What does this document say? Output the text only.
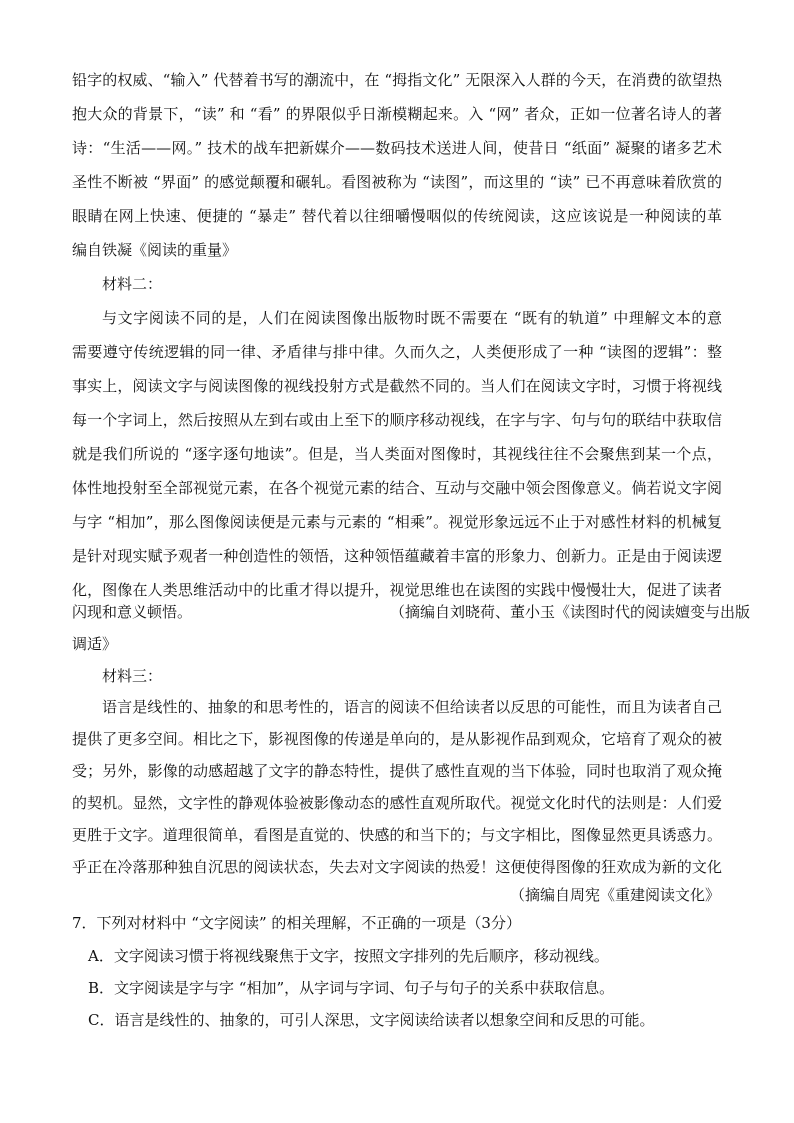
铅字的权威、“输入” 代替着书写的潮流中，在 “拇指文化” 无限深入人群的今天，在消费的欲望热
抱大众的背景下，“读” 和 “看” 的界限似乎日渐模糊起来。入 “网” 者众，正如一位著名诗人的著
诗：“生活——网。” 技术的战车把新媒介——数码技术送进人间，使昔日 “纸面” 凝聚的诸多艺术
圣性不断被 “界面” 的感觉颠覆和碾轧。看图被称为 “读图”，而这里的 “读” 已不再意味着欣赏的
眼睛在网上快速、便捷的 “暴走” 替代着以往细嚼慢咽似的传统阅读，这应该说是一种阅读的革
编自铁凝《阅读的重量》
材料二：
与文字阅读不同的是，人们在阅读图像出版物时既不需要在 “既有的轨道” 中理解文本的意
需要遵守传统逻辑的同一律、矛盾律与排中律。久而久之，人类便形成了一种 “读图的逻辑”：整
事实上，阅读文字与阅读图像的视线投射方式是截然不同的。当人们在阅读文字时，习惯于将视线
每一个字词上，然后按照从左到右或由上至下的顺序移动视线，在字与字、句与句的联结中获取信
就是我们所说的 “逐字逐句地读”。但是，当人类面对图像时，其视线往往不会聚焦到某一个点，
体性地投射至全部视觉元素，在各个视觉元素的结合、互动与交融中领会图像意义。倘若说文字阅
与字 “相加”，那么图像阅读便是元素与元素的 “相乘”。视觉形象远远不止于对感性材料的机械复
是针对现实赋予观者一种创造性的领悟，这种领悟蕴藏着丰富的形象力、创新力。正是由于阅读逻
化，图像在人类思维活动中的比重才得以提升，视觉思维也在读图的实践中慢慢壮大，促进了读者
闪现和意义顿悟。	（摘编自刘晓荷、董小玉《读图时代的阅读嬗变与出版
调适》
材料三：
语言是线性的、抽象的和思考性的，语言的阅读不但给读者以反思的可能性，而且为读者自己
提供了更多空间。相比之下，影视图像的传递是单向的，是从影视作品到观众，它培育了观众的被
受；另外，影像的动感超越了文字的静态特性，提供了感性直观的当下体验，同时也取消了观众掩
的契机。显然，文字性的静观体验被影像动态的感性直观所取代。视觉文化时代的法则是：人们爱
更胜于文字。道理很简单，看图是直觉的、快感的和当下的；与文字相比，图像显然更具诱惑力。
乎正在冷落那种独自沉思的阅读状态，失去对文字阅读的热爱！这便使得图像的狂欢成为新的文化
（摘编自周宪《重建阅读文化》
7．下列对材料中 “文字阅读” 的相关理解，不正确的一项是（3分）
A．文字阅读习惯于将视线聚焦于文字，按照文字排列的先后顺序，移动视线。
B．文字阅读是字与字 “相加”，从字词与字词、句子与句子的关系中获取信息。
C．语言是线性的、抽象的，可引人深思，文字阅读给读者以想象空间和反思的可能。
